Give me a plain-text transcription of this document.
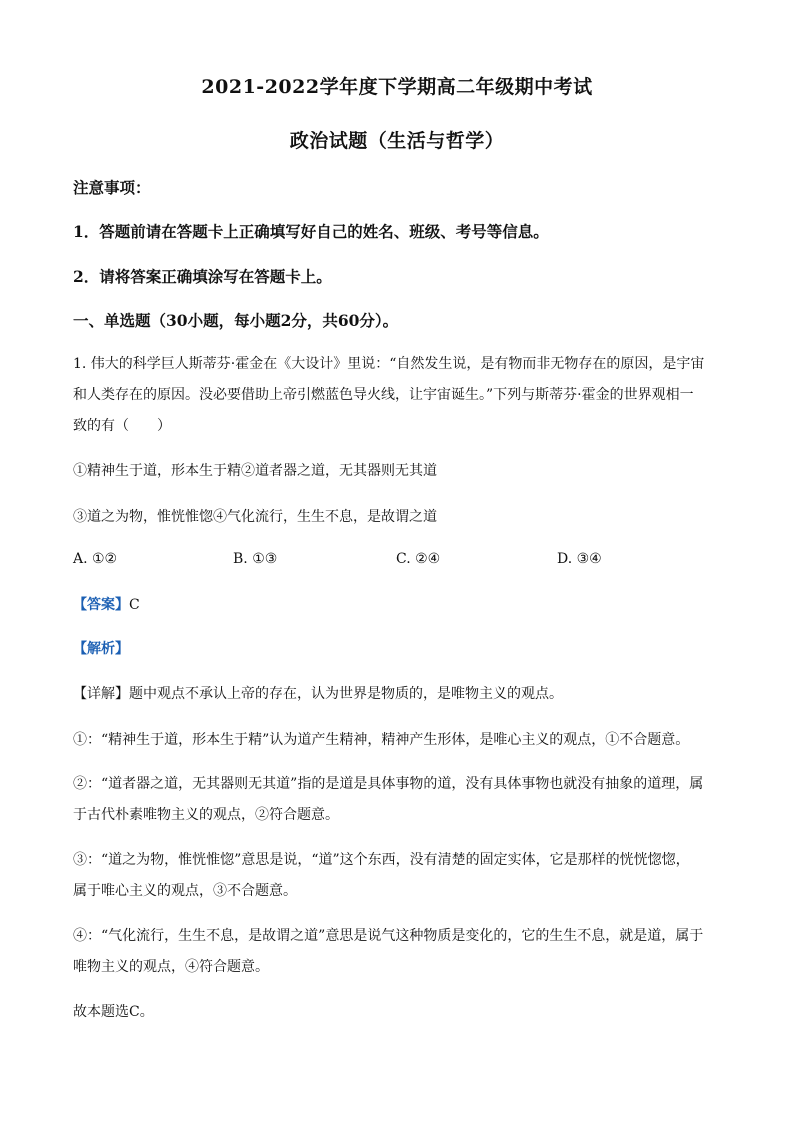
2021-2022学年度下学期高二年级期中考试
政治试题（生活与哲学）
注意事项：
1．答题前请在答题卡上正确填写好自己的姓名、班级、考号等信息。
2．请将答案正确填涂写在答题卡上。
一、单选题（30小题，每小题2分，共60分）。
1. 伟大的科学巨人斯蒂芬·霍金在《大设计》里说：“自然发生说，是有物而非无物存在的原因，是宇宙
和人类存在的原因。没必要借助上帝引燃蓝色导火线，让宇宙诞生。”下列与斯蒂芬·霍金的世界观相一
致的有（　　）
①精神生于道，形本生于精②道者器之道，无其器则无其道
③道之为物，惟恍惟惚④气化流行，生生不息，是故谓之道
A. ①②	B. ①③	C. ②④	D. ③④
【答案】C
【解析】
【详解】题中观点不承认上帝的存在，认为世界是物质的，是唯物主义的观点。
①：“精神生于道，形本生于精”认为道产生精神，精神产生形体，是唯心主义的观点，①不合题意。
②：“道者器之道，无其器则无其道”指的是道是具体事物的道，没有具体事物也就没有抽象的道理，属
于古代朴素唯物主义的观点，②符合题意。
③：“道之为物，惟恍惟惚”意思是说，“道”这个东西，没有清楚的固定实体，它是那样的恍恍惚惚，
属于唯心主义的观点，③不合题意。
④：“气化流行，生生不息，是故谓之道”意思是说气这种物质是变化的，它的生生不息，就是道，属于
唯物主义的观点，④符合题意。
故本题选C。
